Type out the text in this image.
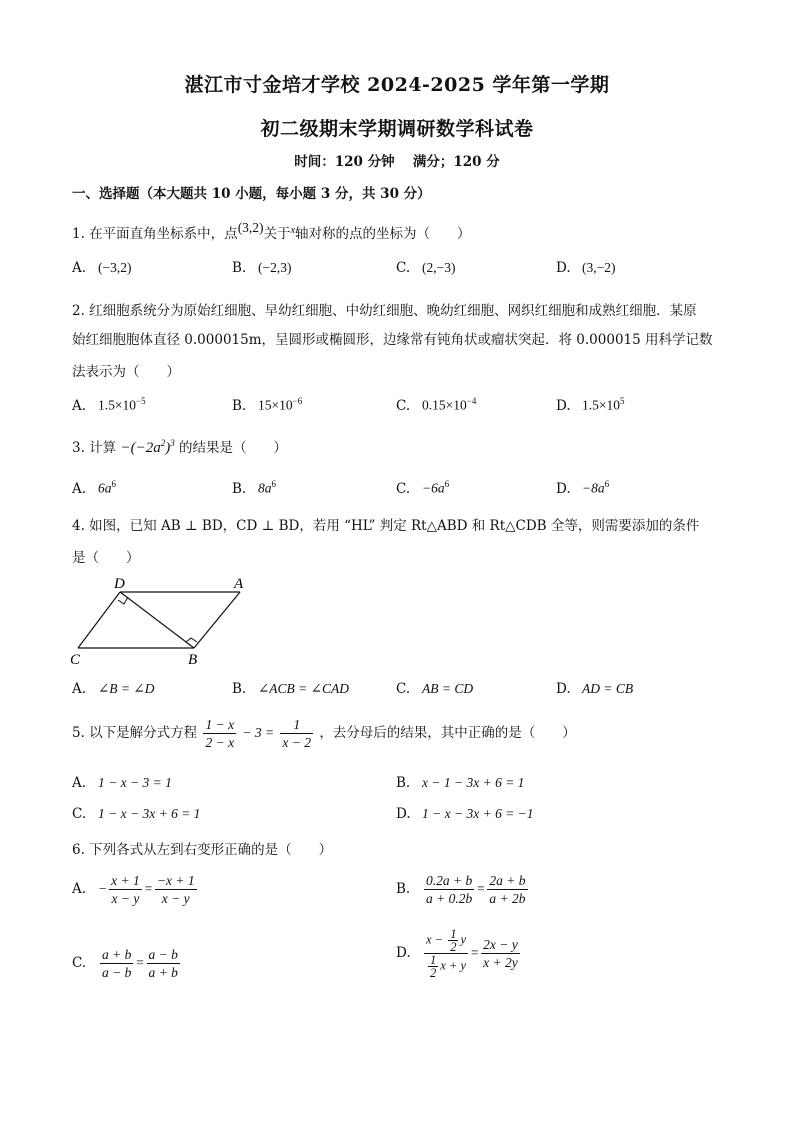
湛江市寸金培才学校 2024-2025 学年第一学期
初二级期末学期调研数学科试卷
时间：120 分钟　 满分；120 分
一、选择题（本大题共 10 小题，每小题 3 分，共 30 分）
1. 在平面直角坐标系中，点(3,2)关于$^x$轴对称的点的坐标为（　　）
A. (−3,2)	B. (−2,3)	C. (2,−3)	D. (3,−2)
2. 红细胞系统分为原始红细胞、早幼红细胞、中幼红细胞、晚幼红细胞、网织红细胞和成熟红细胞．某原
始红细胞胞体直径 0.000015m，呈圆形或椭圆形，边缘常有钝角状或瘤状突起．将 0.000015 用科学记数
法表示为（　　）
A. $1.5\times 10^{-5}$	B. $15\times 10^{-6}$	C. $0.15\times 10^{-4}$	D. $1.5\times 10^5$
3. 计算 $-(-2a^2)^3$ 的结果是（　　）
A. $6a^6$	B. $8a^6$	C. $-6a^6$	D. $-8a^6$
4. 如图，已知 AB ⊥ BD，CD ⊥ BD，若用 “HL” 判定 Rt△ABD 和 Rt△CDB 全等，则需要添加的条件
是（　　）
D	A
C	B
A. ∠B = ∠D	B. ∠ACB = ∠CAD	C. AB = CD	D. AD = CB
5. 以下是解分式方程 $\frac{1 - x}{2 - x} - 3 = \frac{1}{x - 2}$ ，去分母后的结果，其中正确的是（　　）
A. 1 − x − 3 = 1	B. x − 1 − 3x + 6 = 1
C. 1 − x − 3x + 6 = 1	D. 1 − x − 3x + 6 = −1
6. 下列各式从左到右变形正确的是（　　）
A. − $\frac{x + 1}{x - y} = \frac{-x + 1}{x - y}$	B. $\frac{0.2a + b}{a + 0.2b} = \frac{2a + b}{a + 2b}$
C. $\frac{a + b}{a - b} = \frac{a - b}{a + b}$	D. $\frac{x - \frac{1}{2} y}{\frac{1}{2} x + y} = \frac{2x - y}{x + 2y}$
